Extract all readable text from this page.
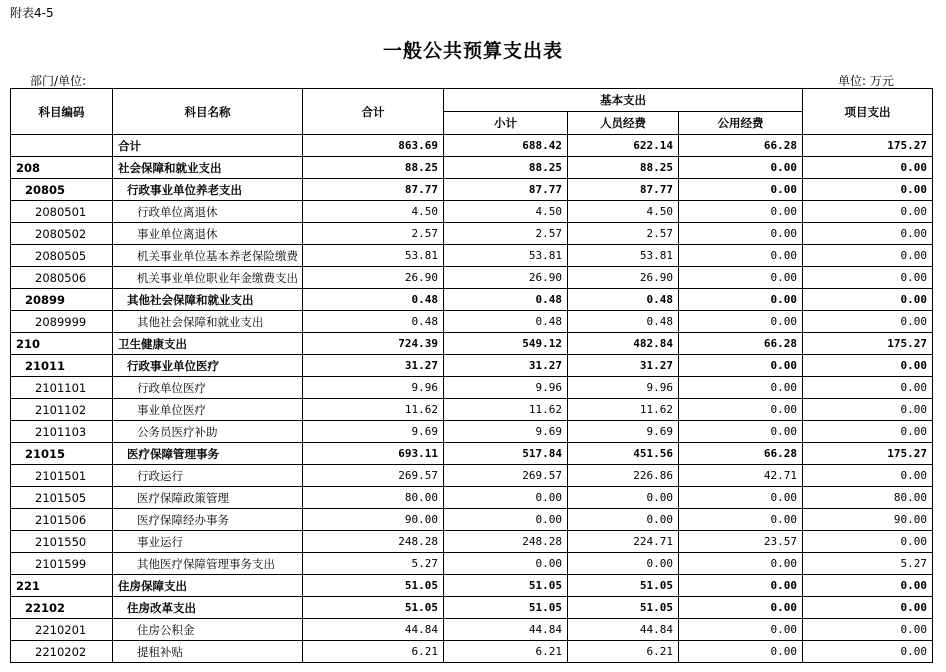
附表4-5
一般公共预算支出表
部门/单位:	单位: 万元
科目编码	科目名称	合计	基本支出			项目支出
			小计	人员经费	公用经费	
	合计	863.69	688.42	622.14	66.28	175.27
208	社会保障和就业支出	88.25	88.25	88.25	0.00	0.00
20805	行政事业单位养老支出	87.77	87.77	87.77	0.00	0.00
2080501	行政单位离退休	4.50	4.50	4.50	0.00	0.00
2080502	事业单位离退休	2.57	2.57	2.57	0.00	0.00
2080505	机关事业单位基本养老保险缴费	53.81	53.81	53.81	0.00	0.00
2080506	机关事业单位职业年金缴费支出	26.90	26.90	26.90	0.00	0.00
20899	其他社会保障和就业支出	0.48	0.48	0.48	0.00	0.00
2089999	其他社会保障和就业支出	0.48	0.48	0.48	0.00	0.00
210	卫生健康支出	724.39	549.12	482.84	66.28	175.27
21011	行政事业单位医疗	31.27	31.27	31.27	0.00	0.00
2101101	行政单位医疗	9.96	9.96	9.96	0.00	0.00
2101102	事业单位医疗	11.62	11.62	11.62	0.00	0.00
2101103	公务员医疗补助	9.69	9.69	9.69	0.00	0.00
21015	医疗保障管理事务	693.11	517.84	451.56	66.28	175.27
2101501	行政运行	269.57	269.57	226.86	42.71	0.00
2101505	医疗保障政策管理	80.00	0.00	0.00	0.00	80.00
2101506	医疗保障经办事务	90.00	0.00	0.00	0.00	90.00
2101550	事业运行	248.28	248.28	224.71	23.57	0.00
2101599	其他医疗保障管理事务支出	5.27	0.00	0.00	0.00	5.27
221	住房保障支出	51.05	51.05	51.05	0.00	0.00
22102	住房改革支出	51.05	51.05	51.05	0.00	0.00
2210201	住房公积金	44.84	44.84	44.84	0.00	0.00
2210202	提租补贴	6.21	6.21	6.21	0.00	0.00
